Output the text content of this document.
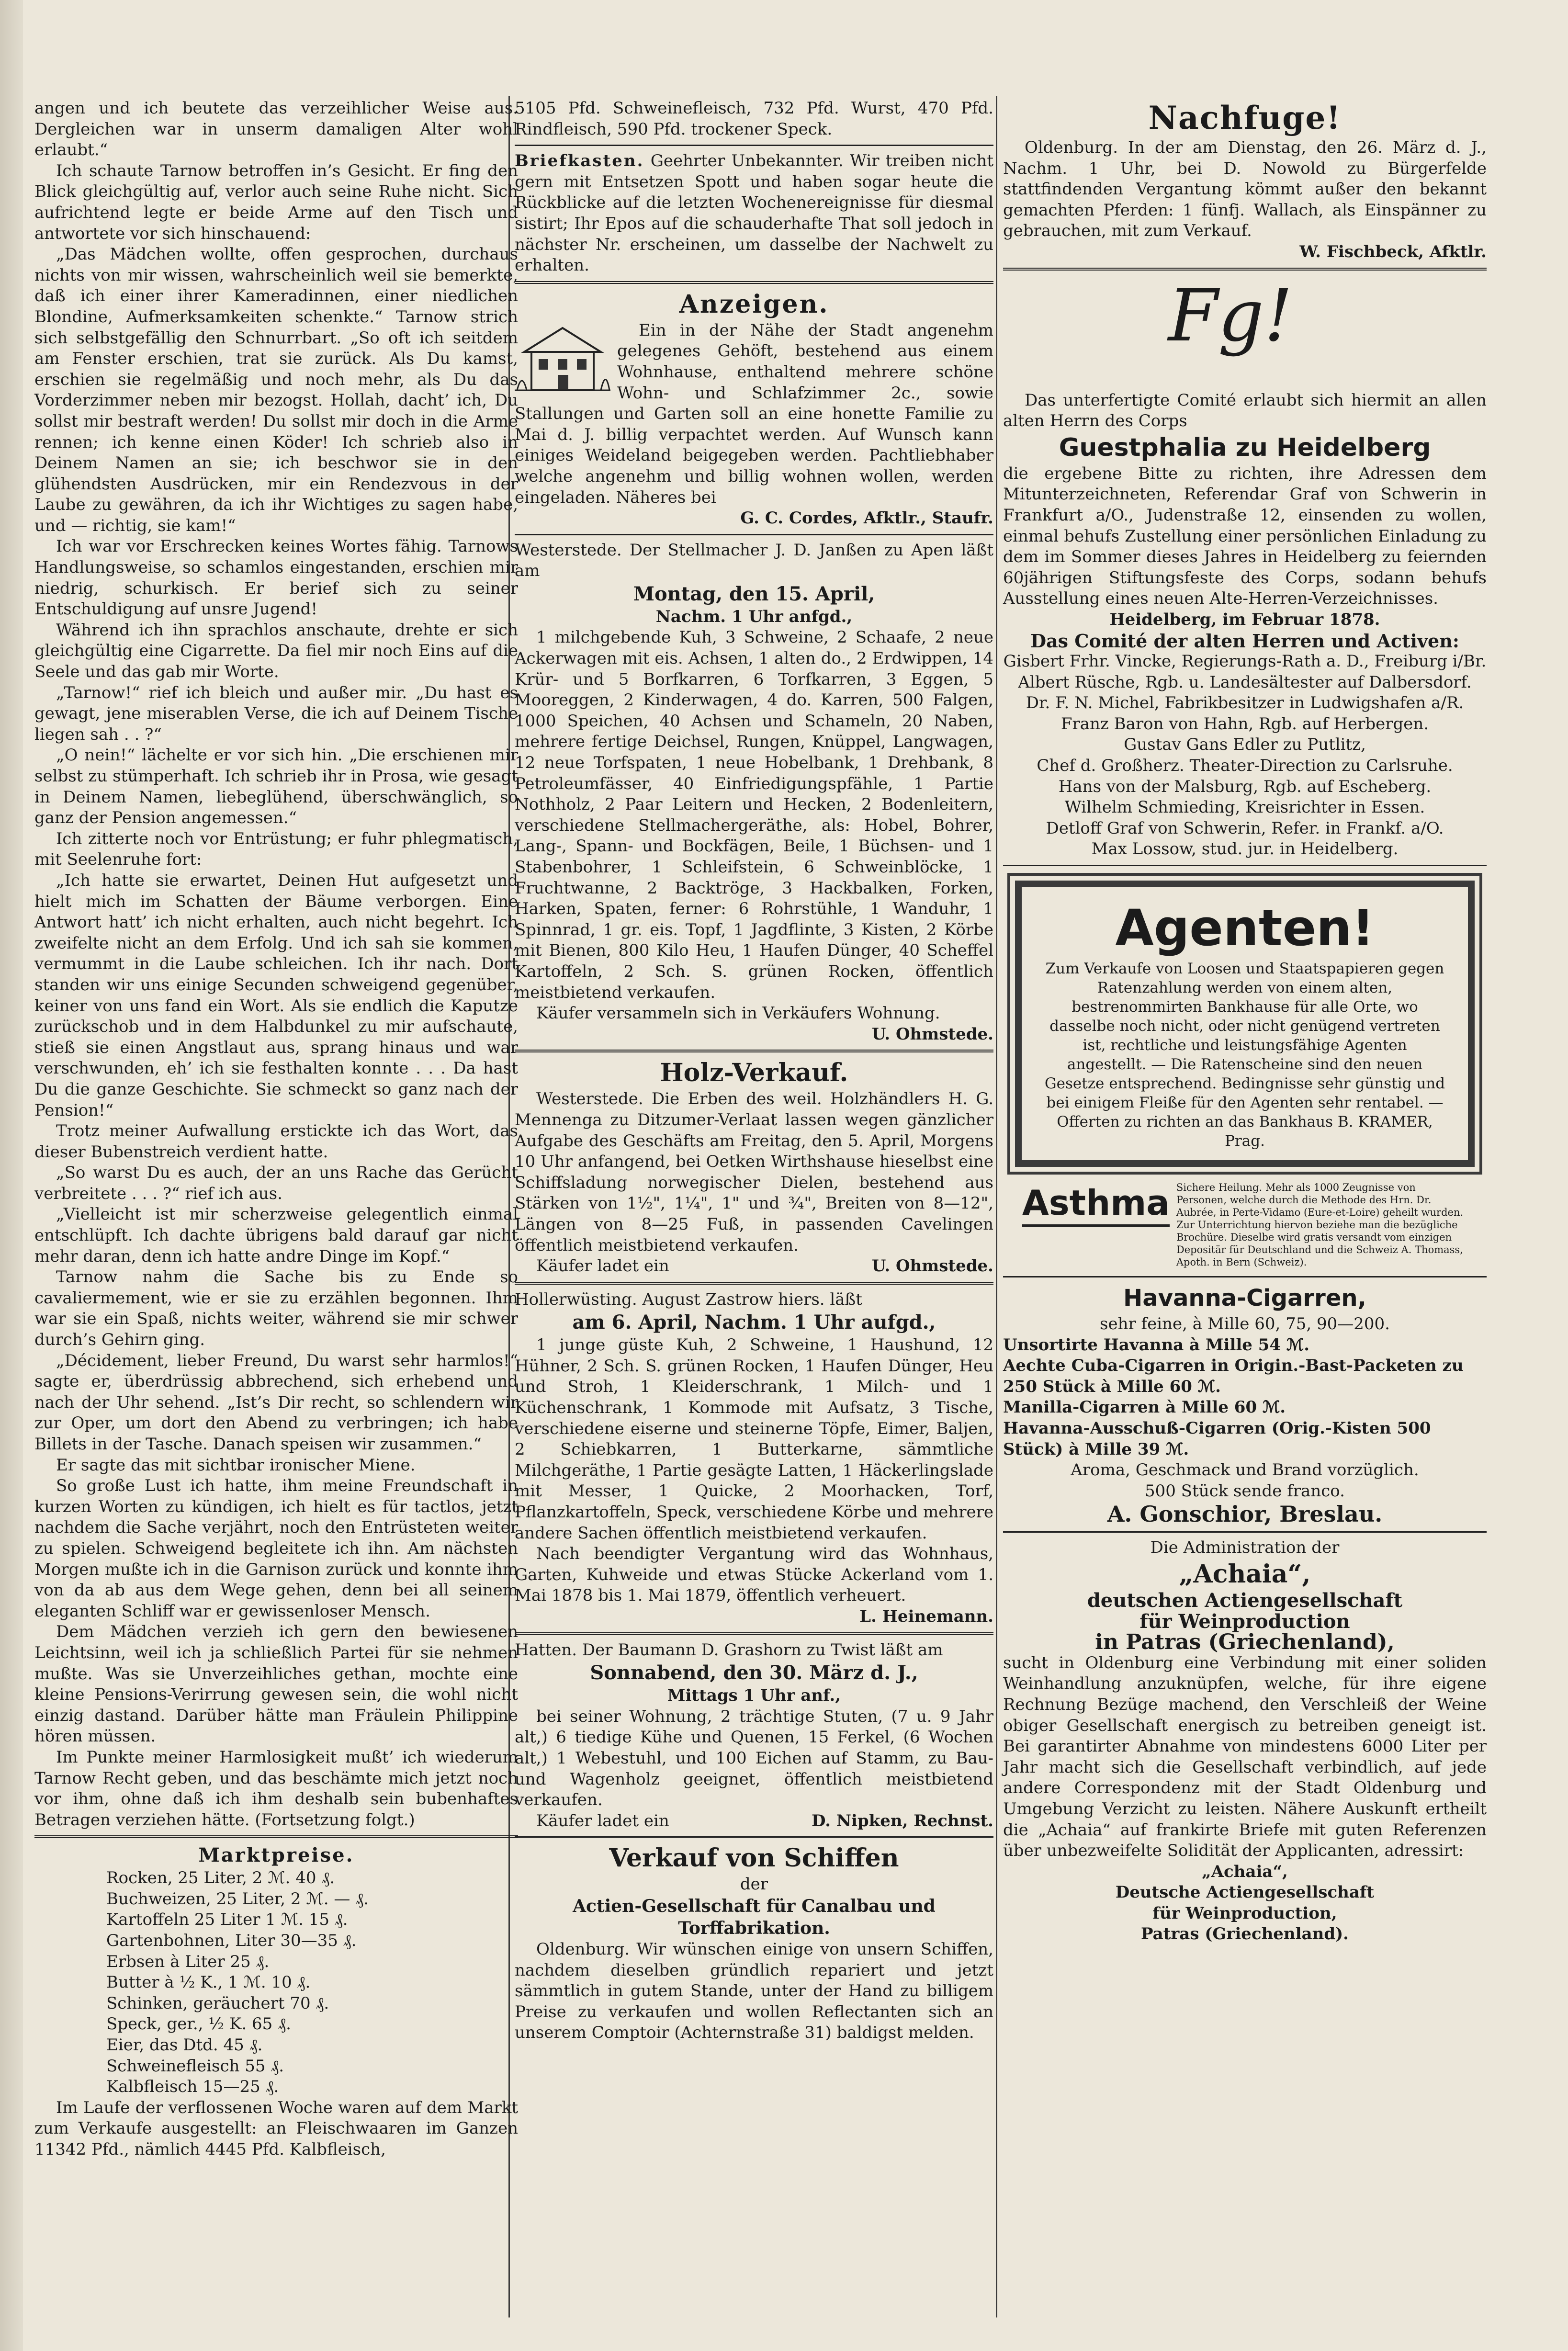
angen und ich beutete das verzeihlicher Weise aus. Dergleichen war in unserm damaligen Alter wohl erlaubt.“

Ich schaute Tarnow betroffen in’s Gesicht. Er fing den Blick gleichgültig auf, verlor auch seine Ruhe nicht. Sich aufrichtend legte er beide Arme auf den Tisch und antwortete vor sich hinschauend:

„Das Mädchen wollte, offen gesprochen, durchaus nichts von mir wissen, wahrscheinlich weil sie bemerkte, daß ich einer ihrer Kameradinnen, einer niedlichen Blondine, Aufmerksamkeiten schenkte.“ Tarnow strich sich selbstgefällig den Schnurrbart. „So oft ich seitdem am Fenster erschien, trat sie zurück. Als Du kamst, erschien sie regelmäßig und noch mehr, als Du das Vorderzimmer neben mir bezogst. Hollah, dacht’ ich, Du sollst mir bestraft werden! Du sollst mir doch in die Arme rennen; ich kenne einen Köder! Ich schrieb also in Deinem Namen an sie; ich beschwor sie in den glühendsten Ausdrücken, mir ein Rendezvous in der Laube zu gewähren, da ich ihr Wichtiges zu sagen habe, und — richtig, sie kam!“

Ich war vor Erschrecken keines Wortes fähig. Tarnows Handlungsweise, so schamlos eingestanden, erschien mir niedrig, schurkisch. Er berief sich zu seiner Entschuldigung auf unsre Jugend!

Während ich ihn sprachlos anschaute, drehte er sich gleichgültig eine Cigarrette. Da fiel mir noch Eins auf die Seele und das gab mir Worte.

„Tarnow!“ rief ich bleich und außer mir. „Du hast es gewagt, jene miserablen Verse, die ich auf Deinem Tische liegen sah . . ?“

„O nein!“ lächelte er vor sich hin. „Die erschienen mir selbst zu stümperhaft. Ich schrieb ihr in Prosa, wie gesagt in Deinem Namen, liebeglühend, überschwänglich, so ganz der Pension angemessen.“

Ich zitterte noch vor Entrüstung; er fuhr phlegmatisch, mit Seelenruhe fort:

„Ich hatte sie erwartet, Deinen Hut aufgesetzt und hielt mich im Schatten der Bäume verborgen. Eine Antwort hatt’ ich nicht erhalten, auch nicht begehrt. Ich zweifelte nicht an dem Erfolg. Und ich sah sie kommen, vermummt in die Laube schleichen. Ich ihr nach. Dort standen wir uns einige Secunden schweigend gegenüber, keiner von uns fand ein Wort. Als sie endlich die Kaputze zurückschob und in dem Halbdunkel zu mir aufschaute, stieß sie einen Angstlaut aus, sprang hinaus und war verschwunden, eh’ ich sie festhalten konnte . . . Da hast Du die ganze Geschichte. Sie schmeckt so ganz nach der Pension!“

Trotz meiner Aufwallung erstickte ich das Wort, das dieser Bubenstreich verdient hatte.

„So warst Du es auch, der an uns Rache das Gerücht verbreitete . . . ?“ rief ich aus.

„Vielleicht ist mir scherzweise gelegentlich einmal entschlüpft. Ich dachte übrigens bald darauf gar nicht mehr daran, denn ich hatte andre Dinge im Kopf.“

Tarnow nahm die Sache bis zu Ende so cavaliermement, wie er sie zu erzählen begonnen. Ihm war sie ein Spaß, nichts weiter, während sie mir schwer durch’s Gehirn ging.

„Décidement, lieber Freund, Du warst sehr harmlos!“ sagte er, überdrüssig abbrechend, sich erhebend und nach der Uhr sehend. „Ist’s Dir recht, so schlendern wir zur Oper, um dort den Abend zu verbringen; ich habe Billets in der Tasche. Danach speisen wir zusammen.“

Er sagte das mit sichtbar ironischer Miene.

So große Lust ich hatte, ihm meine Freundschaft in kurzen Worten zu kündigen, ich hielt es für tactlos, jetzt nachdem die Sache verjährt, noch den Entrüsteten weiter zu spielen. Schweigend begleitete ich ihn. Am nächsten Morgen mußte ich in die Garnison zurück und konnte ihm von da ab aus dem Wege gehen, denn bei all seinem eleganten Schliff war er gewissenloser Mensch.

Dem Mädchen verzieh ich gern den bewiesenen Leichtsinn, weil ich ja schließlich Partei für sie nehmen mußte. Was sie Unverzeihliches gethan, mochte eine kleine Pensions-Verirrung gewesen sein, die wohl nicht einzig dastand. Darüber hätte man Fräulein Philippine hören müssen.

Im Punkte meiner Harmlosigkeit mußt’ ich wiederum Tarnow Recht geben, und das beschämte mich jetzt noch vor ihm, ohne daß ich ihm deshalb sein bubenhaftes Betragen verziehen hätte. (Fortsetzung folgt.)

Marktpreise.
Rocken, 25 Liter, 2 ℳ. 40 ₰.
Buchweizen, 25 Liter, 2 ℳ. — ₰.
Kartoffeln 25 Liter 1 ℳ. 15 ₰.
Gartenbohnen, Liter 30—35 ₰.
Erbsen à Liter 25 ₰.
Butter à ½ K., 1 ℳ. 10 ₰.
Schinken, geräuchert 70 ₰.
Speck, ger., ½ K. 65 ₰.
Eier, das Dtd. 45 ₰.
Schweinefleisch 55 ₰.
Kalbfleisch 15—25 ₰.

Im Laufe der verflossenen Woche waren auf dem Markt zum Verkaufe ausgestellt: an Fleischwaaren im Ganzen 11342 Pfd., nämlich 4445 Pfd. Kalbfleisch,

5105 Pfd. Schweinefleisch, 732 Pfd. Wurst, 470 Pfd. Rindfleisch, 590 Pfd. trockener Speck.

Briefkasten. Geehrter Unbekannter. Wir treiben nicht gern mit Entsetzen Spott und haben sogar heute die Rückblicke auf die letzten Wochenereignisse für diesmal sistirt; Ihr Epos auf die schauderhafte That soll jedoch in nächster Nr. erscheinen, um dasselbe der Nachwelt zu erhalten.

Anzeigen.

Ein in der Nähe der Stadt angenehm gelegenes Gehöft, bestehend aus einem Wohnhause, enthaltend mehrere schöne Wohn- und Schlafzimmer 2c., sowie Stallungen und Garten soll an eine honette Familie zu Mai d. J. billig verpachtet werden. Auf Wunsch kann einiges Weideland beigegeben werden. Pachtliebhaber welche angenehm und billig wohnen wollen, werden eingeladen. Näheres bei

G. C. Cordes, Afktlr., Staufr.

Westerstede. Der Stellmacher J. D. Janßen zu Apen läßt am

Montag, den 15. April,
Nachm. 1 Uhr anfgd.,

1 milchgebende Kuh, 3 Schweine, 2 Schaafe, 2 neue Ackerwagen mit eis. Achsen, 1 alten do., 2 Erdwippen, 14 Krür- und 5 Borfkarren, 6 Torfkarren, 3 Eggen, 5 Mooreggen, 2 Kinderwagen, 4 do. Karren, 500 Falgen, 1000 Speichen, 40 Achsen und Schameln, 20 Naben, mehrere fertige Deichsel, Rungen, Knüppel, Langwagen, 12 neue Torfspaten, 1 neue Hobelbank, 1 Drehbank, 8 Petroleumfässer, 40 Einfriedigungspfähle, 1 Partie Nothholz, 2 Paar Leitern und Hecken, 2 Bodenleitern, verschiedene Stellmachergeräthe, als: Hobel, Bohrer, Lang-, Spann- und Bockfägen, Beile, 1 Büchsen- und 1 Stabenbohrer, 1 Schleifstein, 6 Schweinblöcke, 1 Fruchtwanne, 2 Backtröge, 3 Hackbalken, Forken, Harken, Spaten, ferner: 6 Rohrstühle, 1 Wanduhr, 1 Spinnrad, 1 gr. eis. Topf, 1 Jagdflinte, 3 Kisten, 2 Körbe mit Bienen, 800 Kilo Heu, 1 Haufen Dünger, 40 Scheffel Kartoffeln, 2 Sch. S. grünen Rocken, öffentlich meistbietend verkaufen.

Käufer versammeln sich in Verkäufers Wohnung.

U. Ohmstede.
Holz-Verkauf.

Westerstede. Die Erben des weil. Holzhändlers H. G. Mennenga zu Ditzumer-Verlaat lassen wegen gänzlicher Aufgabe des Geschäfts am Freitag, den 5. April, Morgens 10 Uhr anfangend, bei Oetken Wirthshause hieselbst eine Schiffsladung norwegischer Dielen, bestehend aus Stärken von 1½", 1¼", 1" und ¾", Breiten von 8—12", Längen von 8—25 Fuß, in passenden Cavelingen öffentlich meistbietend verkaufen.

Käufer ladet ein	U. Ohmstede.

Hollerwüsting. August Zastrow hiers. läßt

am 6. April, Nachm. 1 Uhr aufgd.,

1 junge güste Kuh, 2 Schweine, 1 Haushund, 12 Hühner, 2 Sch. S. grünen Rocken, 1 Haufen Dünger, Heu und Stroh, 1 Kleiderschrank, 1 Milch- und 1 Küchenschrank, 1 Kommode mit Aufsatz, 3 Tische, verschiedene eiserne und steinerne Töpfe, Eimer, Baljen, 2 Schiebkarren, 1 Butterkarne, sämmtliche Milchgeräthe, 1 Partie gesägte Latten, 1 Häckerlingslade mit Messer, 1 Quicke, 2 Moorhacken, Torf, Pflanzkartoffeln, Speck, verschiedene Körbe und mehrere andere Sachen öffentlich meistbietend verkaufen.

Nach beendigter Vergantung wird das Wohnhaus, Garten, Kuhweide und etwas Stücke Ackerland vom 1. Mai 1878 bis 1. Mai 1879, öffentlich verheuert.

L. Heinemann.

Hatten. Der Baumann D. Grashorn zu Twist läßt am

Sonnabend, den 30. März d. J.,
Mittags 1 Uhr anf.,

bei seiner Wohnung, 2 trächtige Stuten, (7 u. 9 Jahr alt,) 6 tiedige Kühe und Quenen, 15 Ferkel, (6 Wochen alt,) 1 Webestuhl, und 100 Eichen auf Stamm, zu Bau- und Wagenholz geeignet, öffentlich meistbietend verkaufen.

Käufer ladet ein	D. Nipken, Rechnst.

Verkauf von Schiffen
der
Actien-Gesellschaft für Canalbau und Torffabrikation.

Oldenburg. Wir wünschen einige von unsern Schiffen, nachdem dieselben gründlich repariert und jetzt sämmtlich in gutem Stande, unter der Hand zu billigem Preise zu verkaufen und wollen Reflectanten sich an unserem Comptoir (Achternstraße 31) baldigst melden.

Nachfuge!

Oldenburg. In der am Dienstag, den 26. März d. J., Nachm. 1 Uhr, bei D. Nowold zu Bürgerfelde stattfindenden Vergantung kömmt außer den bekannt gemachten Pferden: 1 fünfj. Wallach, als Einspänner zu gebrauchen, mit zum Verkauf.

W. Fischbeck, Afktlr.
Fg!

Das unterfertigte Comité erlaubt sich hiermit an allen alten Herrn des Corps

Guestphalia zu Heidelberg

die ergebene Bitte zu richten, ihre Adressen dem Mitunterzeichneten, Referendar Graf von Schwerin in Frankfurt a/O., Judenstraße 12, einsenden zu wollen, einmal behufs Zustellung einer persönlichen Einladung zu dem im Sommer dieses Jahres in Heidelberg zu feiernden 60jährigen Stiftungsfeste des Corps, sodann behufs Ausstellung eines neuen Alte-Herren-Verzeichnisses.

Heidelberg, im Februar 1878.
Das Comité der alten Herren und Activen:
Gisbert Frhr. Vincke, Regierungs-Rath a. D., Freiburg i/Br.
Albert Rüsche, Rgb. u. Landesältester auf Dalbersdorf.
Dr. F. N. Michel, Fabrikbesitzer in Ludwigshafen a/R.
Franz Baron von Hahn, Rgb. auf Herbergen.
Gustav Gans Edler zu Putlitz,
Chef d. Großherz. Theater-Direction zu Carlsruhe.
Hans von der Malsburg, Rgb. auf Escheberg.
Wilhelm Schmieding, Kreisrichter in Essen.
Detloff Graf von Schwerin, Refer. in Frankf. a/O.
Max Lossow, stud. jur. in Heidelberg.
Agenten!

Zum Verkaufe von Loosen und Staatspapieren gegen Ratenzahlung werden von einem alten, bestrenommirten Bankhause für alle Orte, wo dasselbe noch nicht, oder nicht genügend vertreten ist, rechtliche und leistungsfähige Agenten angestellt. — Die Ratenscheine sind den neuen Gesetze entsprechend. Bedingnisse sehr günstig und bei einigem Fleiße für den Agenten sehr rentabel. — Offerten zu richten an das Bankhaus B. KRAMER, Prag.

Asthma Sichere Heilung. Mehr als 1000 Zeugnisse von Personen, welche durch die Methode des Hrn. Dr. Aubrée, in Perte-Vidamo (Eure-et-Loire) geheilt wurden. Zur Unterrichtung hiervon beziehe man die bezügliche Brochüre. Dieselbe wird gratis versandt vom einzigen Depositär für Deutschland und die Schweiz A. Thomass, Apoth. in Bern (Schweiz).
Havanna-Cigarren,
sehr feine, à Mille 60, 75, 90—200.
Unsortirte Havanna à Mille 54 ℳ.
Aechte Cuba-Cigarren in Origin.-Bast-Packeten zu 250 Stück à Mille 60 ℳ.
Manilla-Cigarren à Mille 60 ℳ.
Havanna-Ausschuß-Cigarren (Orig.-Kisten 500 Stück) à Mille 39 ℳ.
Aroma, Geschmack und Brand vorzüglich.
500 Stück sende franco.
A. Gonschior, Breslau.
Die Administration der
„Achaia“,
deutschen Actiengesellschaft
für Weinproduction
in Patras (Griechenland),

sucht in Oldenburg eine Verbindung mit einer soliden Weinhandlung anzuknüpfen, welche, für ihre eigene Rechnung Bezüge machend, den Verschleiß der Weine obiger Gesellschaft energisch zu betreiben geneigt ist. Bei garantirter Abnahme von mindestens 6000 Liter per Jahr macht sich die Gesellschaft verbindlich, auf jede andere Correspondenz mit der Stadt Oldenburg und Umgebung Verzicht zu leisten. Nähere Auskunft ertheilt die „Achaia“ auf frankirte Briefe mit guten Referenzen über unbezweifelte Solidität der Applicanten, adressirt:

„Achaia“,
Deutsche Actiengesellschaft
für Weinproduction,
Patras (Griechenland).
